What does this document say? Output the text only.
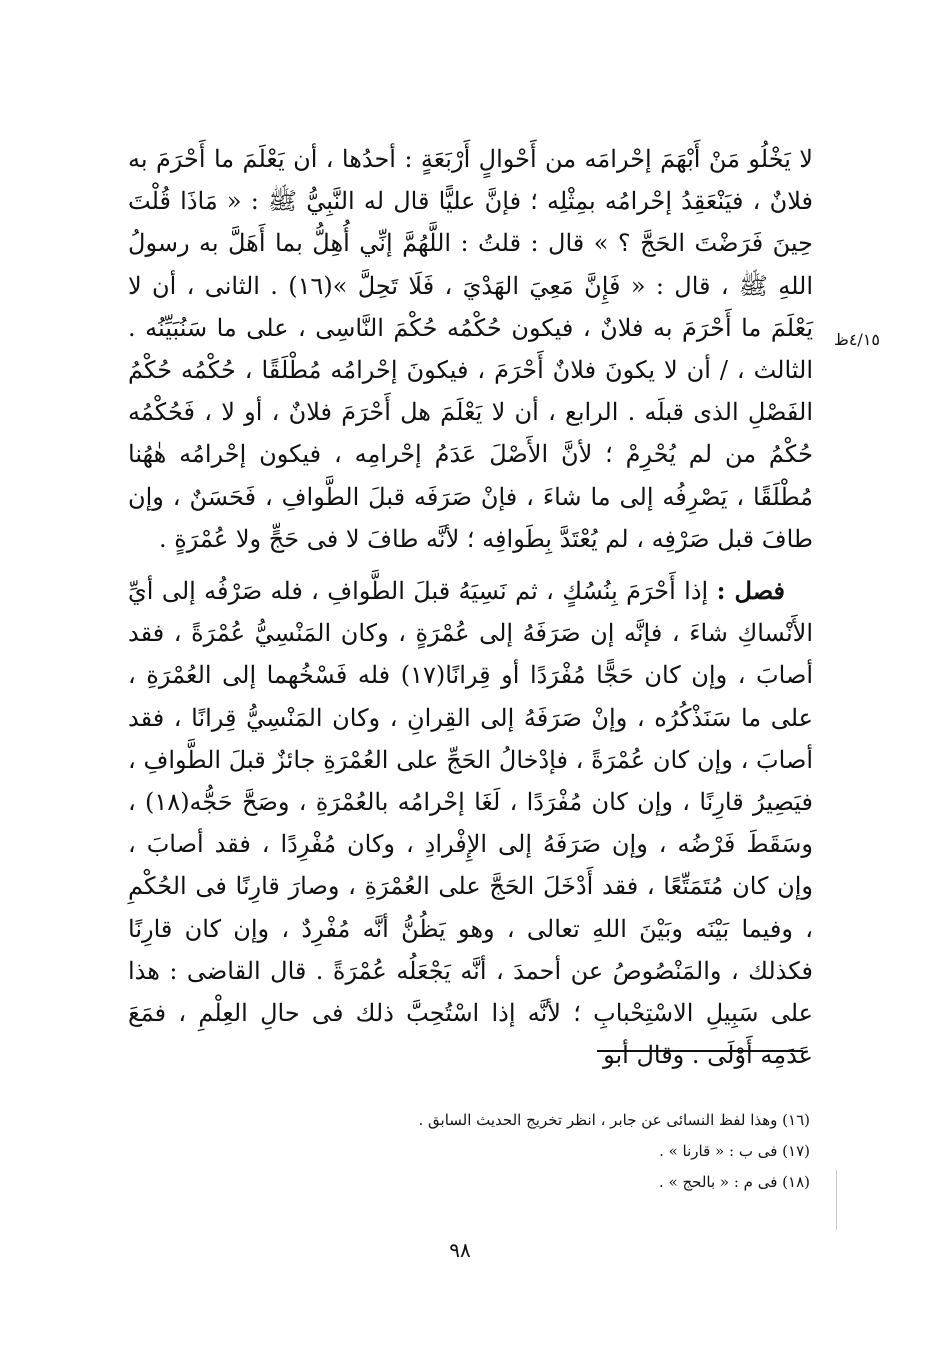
٤/١٥ظ

لا يَخْلُو مَنْ أَبْهَمَ إحْرامَه من أَحْوالٍ أَرْبَعَةٍ : أحدُها ، أن يَعْلَمَ ما أَحْرَمَ به فلانٌ ، فيَنْعَقِدُ إحْرامُه بمِثْلِه ؛ فإنَّ عليًّا قال له النَّبِيُّ ﷺ : « مَاذَا قُلْتَ حِينَ فَرَضْتَ الحَجَّ ؟ » قال : قلتُ : اللَّهُمَّ إنِّي أُهِلُّ بما أَهَلَّ به رسولُ اللهِ ﷺ ، قال : « فَإِنَّ مَعِيَ الهَدْيَ ، فَلَا تَحِلَّ »(١٦) . الثانى ، أن لا يَعْلَمَ ما أَحْرَمَ به فلانٌ ، فيكون حُكْمُه حُكْمَ النَّاسِى ، على ما سَنُبَيِّنُه . الثالث ، / أن لا يكونَ فلانٌ أَحْرَمَ ، فيكونَ إحْرامُه مُطْلَقًا ، حُكْمُه حُكْمُ الفَصْلِ الذى قبلَه . الرابع ، أن لا يَعْلَمَ هل أَحْرَمَ فلانٌ ، أو لا ، فَحُكْمُه حُكْمُ من لم يُحْرِمْ ؛ لأنَّ الأَصْلَ عَدَمُ إحْرامِه ، فيكون إحْرامُه هٰهُنا مُطْلَقًا ، يَصْرِفُه إلى ما شاءَ ، فإنْ صَرَفَه قبلَ الطَّوافِ ، فَحَسَنٌ ، وإن طافَ قبل صَرْفِه ، لم يُعْتَدَّ بِطَوافِه ؛ لأنَّه طافَ لا فى حَجٍّ ولا عُمْرَةٍ .

فصل : إذا أَحْرَمَ بِنُسُكٍ ، ثم نَسِيَهُ قبلَ الطَّوافِ ، فله صَرْفُه إلى أيِّ الأَنْساكِ شاءَ ، فإنَّه إن صَرَفَهُ إلى عُمْرَةٍ ، وكان المَنْسِيُّ عُمْرَةً ، فقد أصابَ ، وإن كان حَجًّا مُفْرَدًا أو قِرانًا(١٧) فله فَسْخُهما إلى العُمْرَةِ ، على ما سَنَذْكُرُه ، وإنْ صَرَفَهُ إلى القِرانِ ، وكان المَنْسِيُّ قِرانًا ، فقد أصابَ ، وإن كان عُمْرَةً ، فإدْخالُ الحَجِّ على العُمْرَةِ جائزٌ قبلَ الطَّوافِ ، فيَصِيرُ قارِنًا ، وإن كان مُفْرَدًا ، لَغَا إحْرامُه بالعُمْرَةِ ، وصَحَّ حَجُّه(١٨) ، وسَقَطَ فَرْضُه ، وإن صَرَفَهُ إلى الإِفْرادِ ، وكان مُفْرِدًا ، فقد أصابَ ، وإن كان مُتَمَتِّعًا ، فقد أَدْخَلَ الحَجَّ على العُمْرَةِ ، وصارَ قارِنًا فى الحُكْمِ ، وفيما بَيْنَه وبَيْنَ اللهِ تعالى ، وهو يَظُنُّ أنَّه مُفْرِدٌ ، وإن كان قارِنًا فكذلك ، والمَنْصُوصُ عن أحمدَ ، أنَّه يَجْعَلُه عُمْرَةً . قال القاضى : هذا على سَبِيلِ الاسْتِحْبابِ ؛ لأنَّه إذا اسْتُحِبَّ ذلك فى حالِ العِلْمِ ، فمَعَ عَدَمِه أَوْلَى . وقال أبو

(١٦) وهذا لفظ النسائى عن جابر ، انظر تخريج الحديث السابق .
(١٧) فى ب : « قارنا » .
(١٨) فى م : « بالحج » .
٩٨
